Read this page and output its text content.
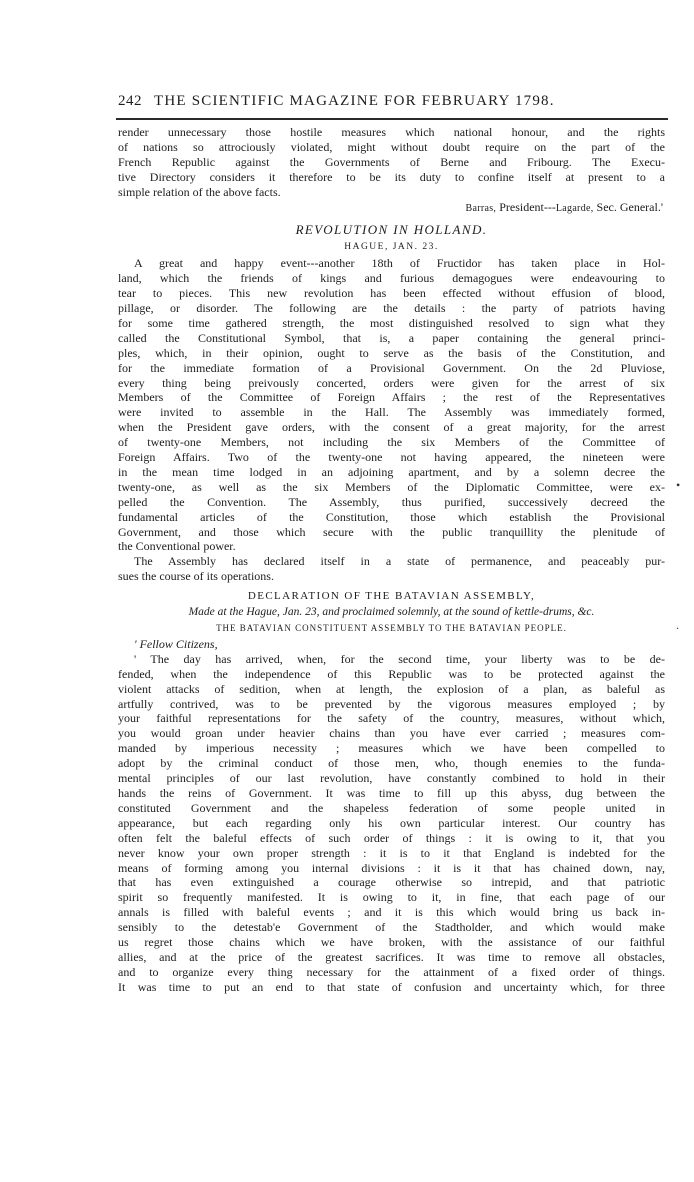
242 THE SCIENTIFIC MAGAZINE FOR FEBRUARY 1798.

render unnecessary those hostile measures which national honour, and the rights

of nations so attrociously violated, might without doubt require on the part of the

French Republic against the Governments of Berne and Fribourg. The Execu-

tive Directory considers it therefore to be its duty to confine itself at present to a

simple relation of the above facts.

Barras, President---Lagarde, Sec. General.'

REVOLUTION IN HOLLAND.

HAGUE, JAN. 23.

A great and happy event---another 18th of Fructidor has taken place in Hol-

land, which the friends of kings and furious demagogues were endeavouring to

tear to pieces. This new revolution has been effected without effusion of blood,

pillage, or disorder. The following are the details : the party of patriots having

for some time gathered strength, the most distinguished resolved to sign what they

called the Constitutional Symbol, that is, a paper containing the general princi-

ples, which, in their opinion, ought to serve as the basis of the Constitution, and

for the immediate formation of a Provisional Government. On the 2d Pluviose,

every thing being preivously concerted, orders were given for the arrest of six

Members of the Committee of Foreign Affairs ; the rest of the Representatives

were invited to assemble in the Hall. The Assembly was immediately formed,

when the President gave orders, with the consent of a great majority, for the arrest

of twenty-one Members, not including the six Members of the Committee of

Foreign Affairs. Two of the twenty-one not having appeared, the nineteen were

in the mean time lodged in an adjoining apartment, and by a solemn decree the

twenty-one, as well as the six Members of the Diplomatic Committee, were ex-

pelled the Convention. The Assembly, thus purified, successively decreed the

fundamental articles of the Constitution, those which establish the Provisional

Government, and those which secure with the public tranquillity the plenitude of

the Conventional power.

The Assembly has declared itself in a state of permanence, and peaceably pur-

sues the course of its operations.

DECLARATION OF THE BATAVIAN ASSEMBLY,

Made at the Hague, Jan. 23, and proclaimed solemnly, at the sound of kettle-drums, &c.

THE BATAVIAN CONSTITUENT ASSEMBLY TO THE BATAVIAN PEOPLE.

' Fellow Citizens,

' The day has arrived, when, for the second time, your liberty was to be de-

fended, when the independence of this Republic was to be protected against the

violent attacks of sedition, when at length, the explosion of a plan, as baleful as

artfully contrived, was to be prevented by the vigorous measures employed ; by

your faithful representations for the safety of the country, measures, without which,

you would groan under heavier chains than you have ever carried ; measures com-

manded by imperious necessity ; measures which we have been compelled to

adopt by the criminal conduct of those men, who, though enemies to the funda-

mental principles of our last revolution, have constantly combined to hold in their

hands the reins of Government. It was time to fill up this abyss, dug between the

constituted Government and the shapeless federation of some people united in

appearance, but each regarding only his own particular interest. Our country has

often felt the baleful effects of such order of things : it is owing to it, that you

never know your own proper strength : it is to it that England is indebted for the

means of forming among you internal divisions : it is it that has chained down, nay,

that has even extinguished a courage otherwise so intrepid, and that patriotic

spirit so frequently manifested. It is owing to it, in fine, that each page of our

annals is filled with baleful events ; and it is this which would bring us back in-

sensibly to the detestab'e Government of the Stadtholder, and which would make

us regret those chains which we have broken, with the assistance of our faithful

allies, and at the price of the greatest sacrifices. It was time to remove all obstacles,

and to organize every thing necessary for the attainment of a fixed order of things.

It was time to put an end to that state of confusion and uncertainty which, for three

•
.
